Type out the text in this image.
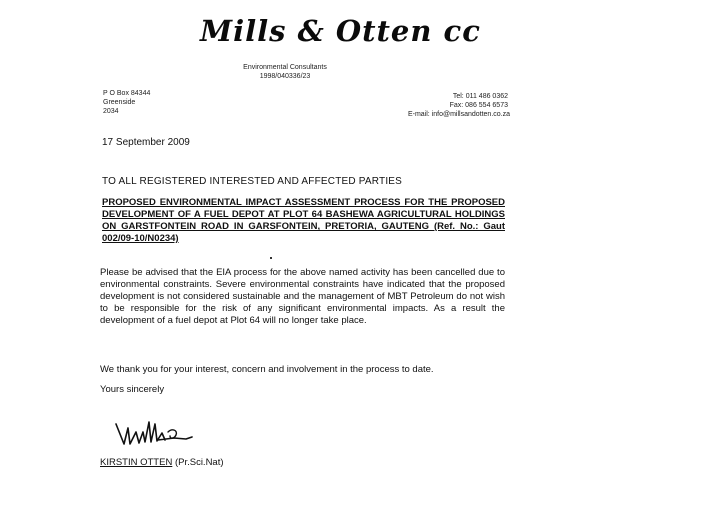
Mills & Otten cc
Environmental Consultants
1998/040336/23
P O Box 84344
Greenside
2034
Tel: 011 486 0362
Fax: 086 554 6573
E-mail: info@millsandotten.co.za
17 September 2009
TO ALL REGISTERED INTERESTED AND AFFECTED PARTIES
PROPOSED ENVIRONMENTAL IMPACT ASSESSMENT PROCESS FOR THE PROPOSED DEVELOPMENT OF A FUEL DEPOT AT PLOT 64 BASHEWA AGRICULTURAL HOLDINGS ON GARSTFONTEIN ROAD IN GARSFONTEIN, PRETORIA, GAUTENG (Ref. No.: Gaut 002/09-10/N0234)
Please be advised that the EIA process for the above named activity has been cancelled due to environmental constraints. Severe environmental constraints have indicated that the proposed development is not considered sustainable and the management of MBT Petroleum do not wish to be responsible for the risk of any significant environmental impacts. As a result the development of a fuel depot at Plot 64 will no longer take place.
We thank you for your interest, concern and involvement in the process to date.
Yours sincerely
KIRSTIN OTTEN (Pr.Sci.Nat)
